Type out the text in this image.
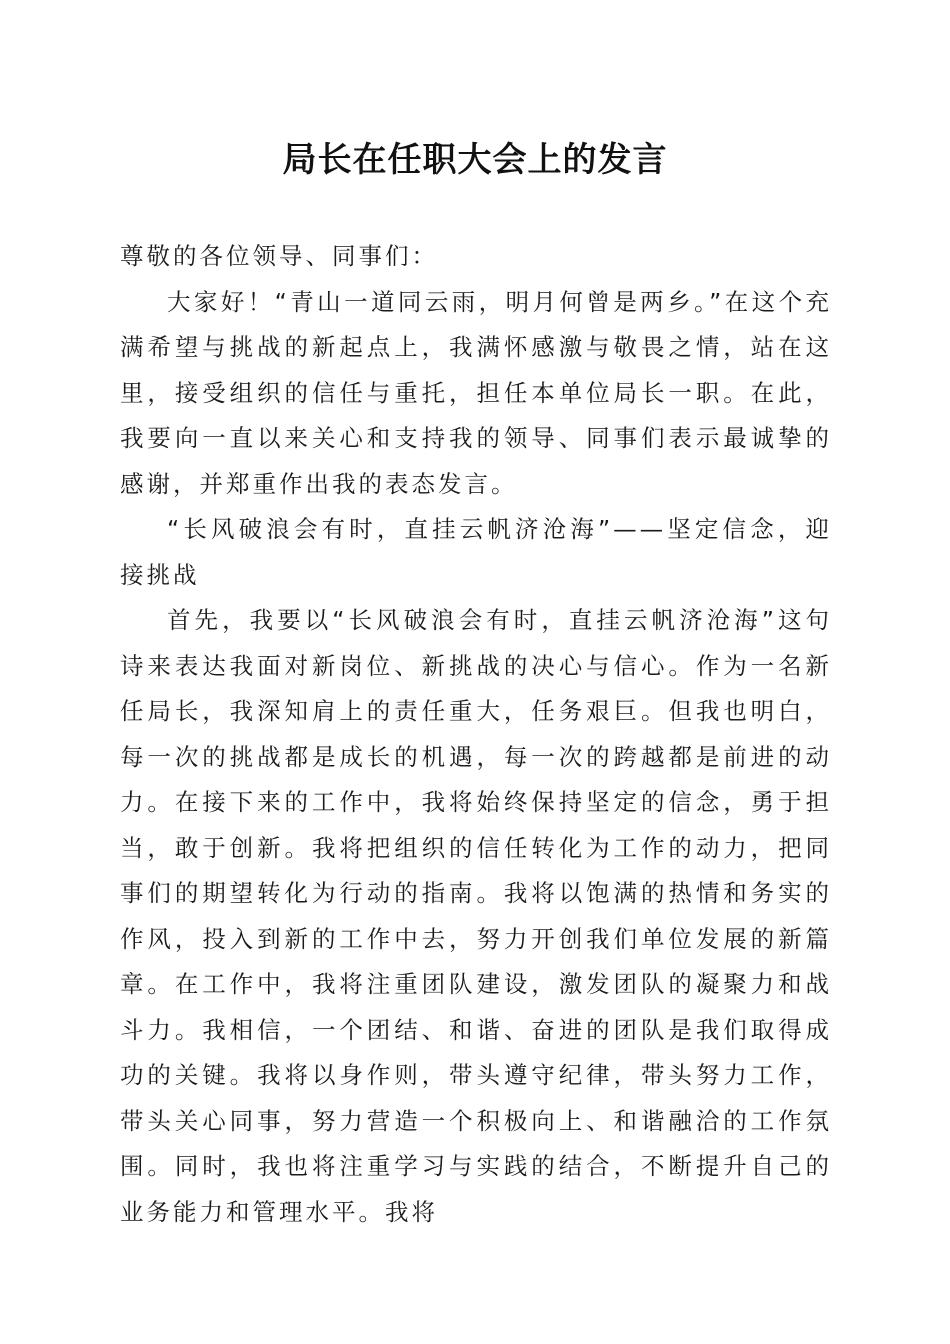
局长在任职大会上的发言

尊敬的各位领导、同事们：

大家好！“青山一道同云雨，明月何曾是两乡。”在这个充满希望与挑战的新起点上，我满怀感激与敬畏之情，站在这里，接受组织的信任与重托，担任本单位局长一职。在此，我要向一直以来关心和支持我的领导、同事们表示最诚挚的感谢，并郑重作出我的表态发言。

“长风破浪会有时，直挂云帆济沧海”——坚定信念，迎接挑战

首先，我要以“长风破浪会有时，直挂云帆济沧海”这句诗来表达我面对新岗位、新挑战的决心与信心。作为一名新任局长，我深知肩上的责任重大，任务艰巨。但我也明白，每一次的挑战都是成长的机遇，每一次的跨越都是前进的动力。在接下来的工作中，我将始终保持坚定的信念，勇于担当，敢于创新。我将把组织的信任转化为工作的动力，把同事们的期望转化为行动的指南。我将以饱满的热情和务实的作风，投入到新的工作中去，努力开创我们单位发展的新篇章。在工作中，我将注重团队建设，激发团队的凝聚力和战斗力。我相信，一个团结、和谐、奋进的团队是我们取得成功的关键。我将以身作则，带头遵守纪律，带头努力工作，带头关心同事，努力营造一个积极向上、和谐融洽的工作氛围。同时，我也将注重学习与实践的结合，不断提升自己的业务能力和管理水平。我将
